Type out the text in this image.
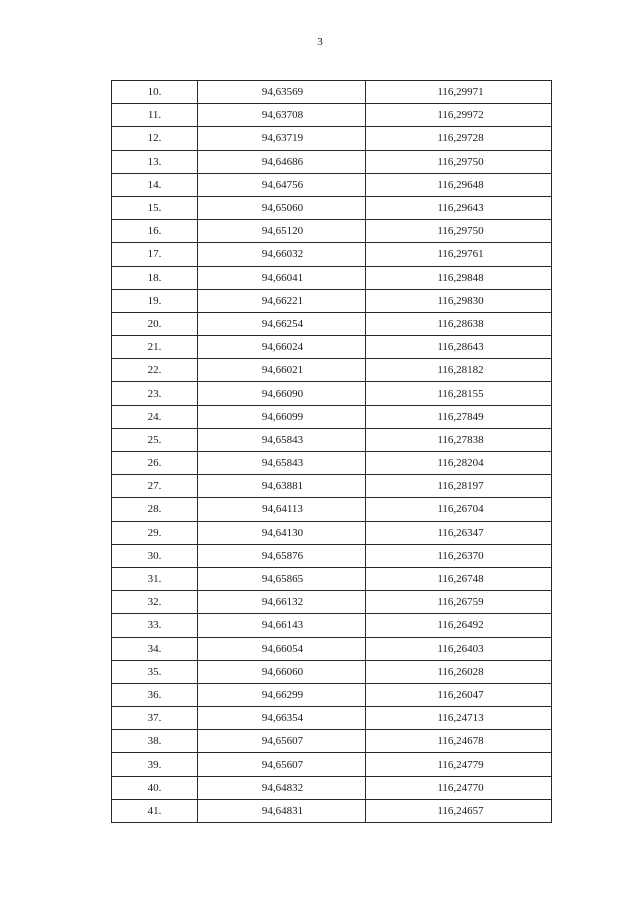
3
10.	94,63569	116,29971
11.	94,63708	116,29972
12.	94,63719	116,29728
13.	94,64686	116,29750
14.	94,64756	116,29648
15.	94,65060	116,29643
16.	94,65120	116,29750
17.	94,66032	116,29761
18.	94,66041	116,29848
19.	94,66221	116,29830
20.	94,66254	116,28638
21.	94,66024	116,28643
22.	94,66021	116,28182
23.	94,66090	116,28155
24.	94,66099	116,27849
25.	94,65843	116,27838
26.	94,65843	116,28204
27.	94,63881	116,28197
28.	94,64113	116,26704
29.	94,64130	116,26347
30.	94,65876	116,26370
31.	94,65865	116,26748
32.	94,66132	116,26759
33.	94,66143	116,26492
34.	94,66054	116,26403
35.	94,66060	116,26028
36.	94,66299	116,26047
37.	94,66354	116,24713
38.	94,65607	116,24678
39.	94,65607	116,24779
40.	94,64832	116,24770
41.	94,64831	116,24657
